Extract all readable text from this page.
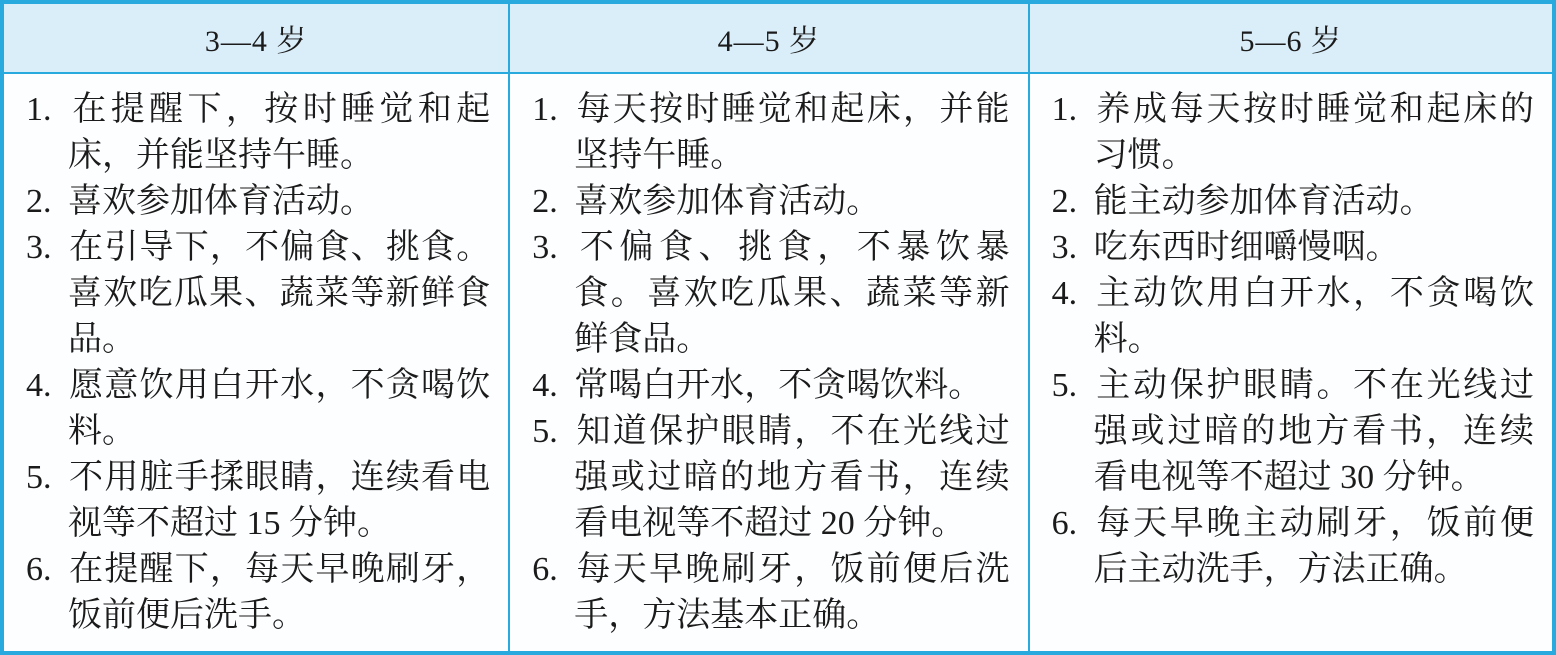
3—4 岁
1. 在提醒下，按时睡觉和起床，并能坚持午睡。
2. 喜欢参加体育活动。
3. 在引导下，不偏食、挑食。喜欢吃瓜果、蔬菜等新鲜食品。
4. 愿意饮用白开水，不贪喝饮料。
5. 不用脏手揉眼睛，连续看电视等不超过 15 分钟。
6. 在提醒下，每天早晚刷牙，饭前便后洗手。
4—5 岁
1. 每天按时睡觉和起床，并能坚持午睡。
2. 喜欢参加体育活动。
3. 不偏食、挑食，不暴饮暴食。喜欢吃瓜果、蔬菜等新鲜食品。
4. 常喝白开水，不贪喝饮料。
5. 知道保护眼睛，不在光线过强或过暗的地方看书，连续看电视等不超过 20 分钟。
6. 每天早晚刷牙，饭前便后洗手，方法基本正确。
5—6 岁
1. 养成每天按时睡觉和起床的习惯。
2. 能主动参加体育活动。
3. 吃东西时细嚼慢咽。
4. 主动饮用白开水，不贪喝饮料。
5. 主动保护眼睛。不在光线过强或过暗的地方看书，连续看电视等不超过 30 分钟。
6. 每天早晚主动刷牙，饭前便后主动洗手，方法正确。
